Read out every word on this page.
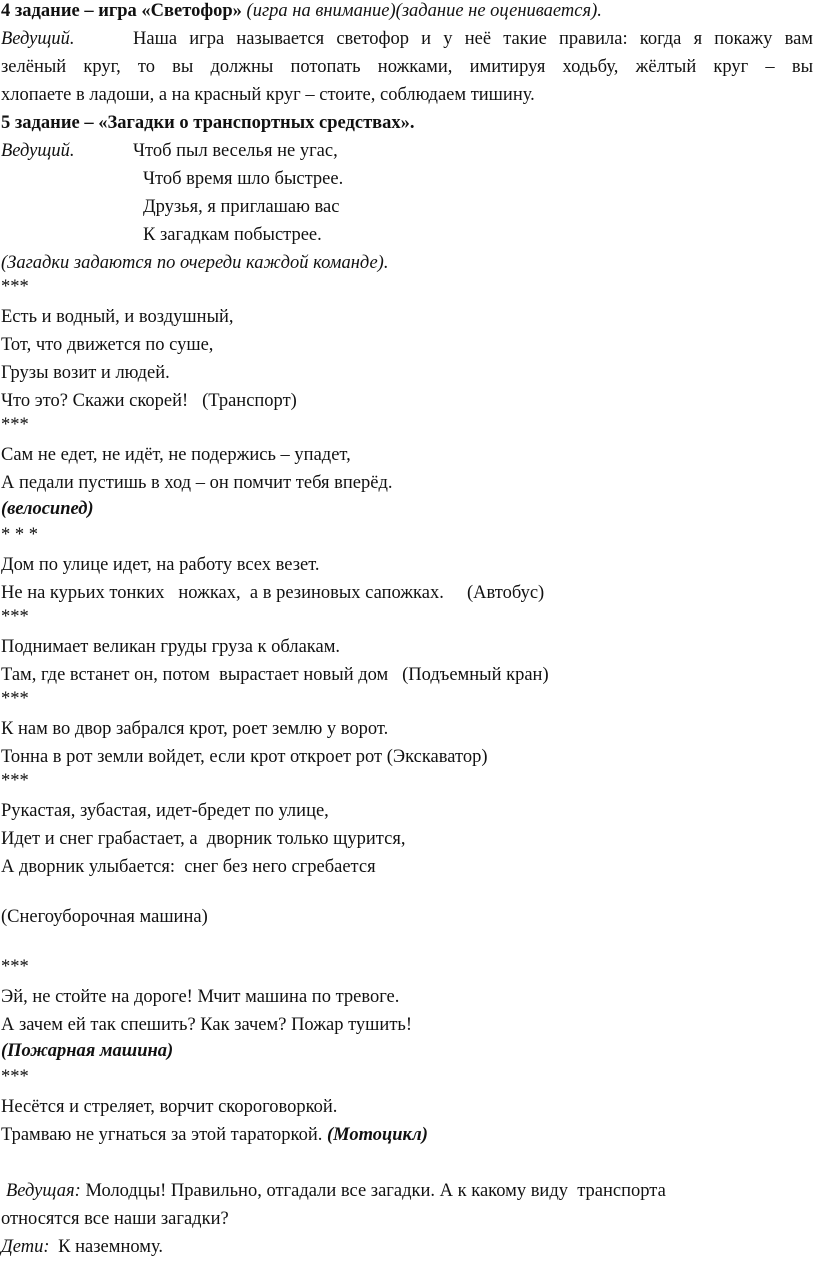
4 задание – игра «Светофор» (игра на внимание)(задание не оценивается).
Ведущий.	Наша игра называется светофор и у неё такие правила: когда я покажу вам
зелёный круг, то вы должны потопать ножками, имитируя ходьбу, жёлтый круг – вы
хлопаете в ладоши, а на красный круг – стоите, соблюдаем тишину.
5 задание – «Загадки о транспортных средствах».
Ведущий.	Чтоб пыл веселья не угас,
Чтоб время шло быстрее.
Друзья, я приглашаю вас
К загадкам побыстрее.
(Загадки задаются по очереди каждой команде).
***
Есть и водный, и воздушный,
Тот, что движется по суше,
Грузы возит и людей.
Что это? Скажи скорей!   (Транспорт)
***
Сам не едет, не идёт, не подержись – упадет,
А педали пустишь в ход – он помчит тебя вперёд.
(велосипед)
* * *
Дом по улице идет, на работу всех везет.
Не на курьих тонких   ножках,  а в резиновых сапожках.     (Автобус)
***
Поднимает великан груды груза к облакам.
Там, где встанет он, потом  вырастает новый дом   (Подъемный кран)
***
К нам во двор забрался крот, роет землю у ворот.
Тонна в рот земли войдет, если крот откроет рот (Экскаватор)
***
Рукастая, зубастая, идет-бредет по улице,
Идет и снег грабастает, а  дворник только щурится,
А дворник улыбается:  снег без него сгребается
(Снегоуборочная машина)
***
Эй, не стойте на дороге! Мчит машина по тревоге.
А зачем ей так спешить? Как зачем? Пожар тушить!
(Пожарная машина)
***
Несётся и стреляет, ворчит скороговоркой.
Трамваю не угнаться за этой тараторкой. (Мотоцикл)
Ведущая: Молодцы! Правильно, отгадали все загадки. А к какому виду  транспорта
относятся все наши загадки?
Дети: К наземному.
